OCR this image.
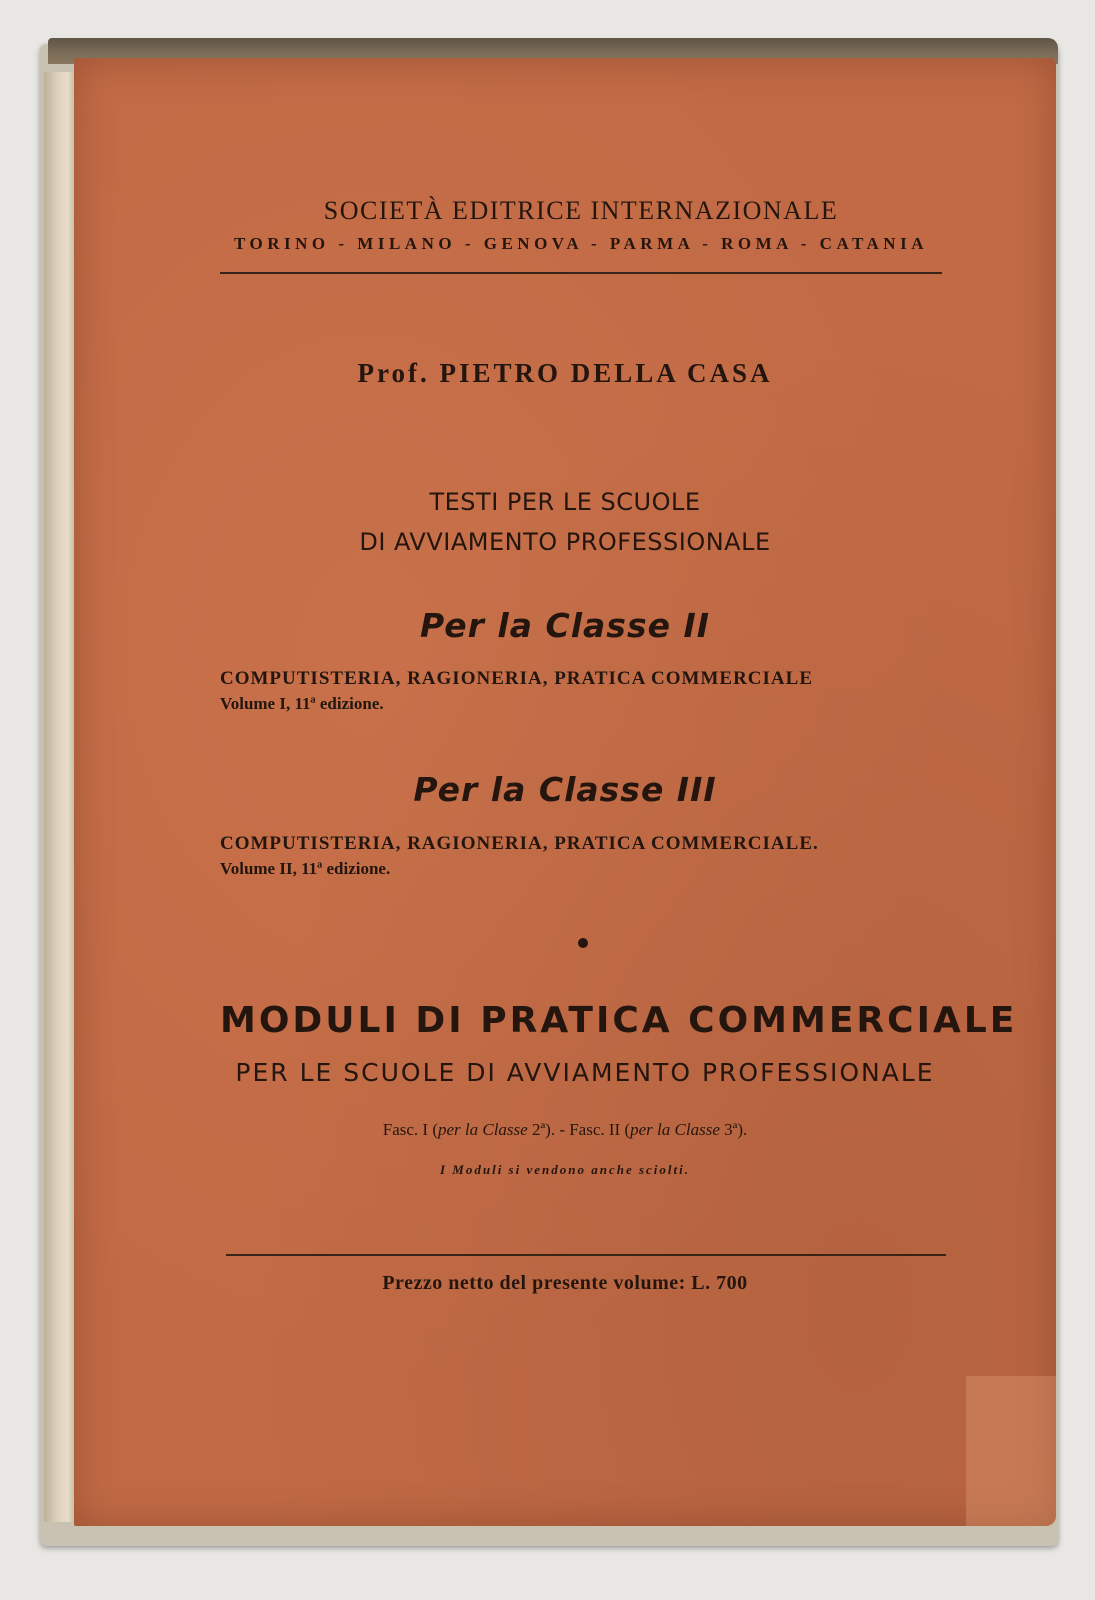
SOCIETÀ EDITRICE INTERNAZIONALE
TORINO - MILANO - GENOVA - PARMA - ROMA - CATANIA
Prof. PIETRO DELLA CASA
TESTI PER LE SCUOLE
DI AVVIAMENTO PROFESSIONALE
Per la Classe II
COMPUTISTERIA, RAGIONERIA, PRATICA COMMERCIALE
Volume I, 11ª edizione.
Per la Classe III
COMPUTISTERIA, RAGIONERIA, PRATICA COMMERCIALE.
Volume II, 11ª edizione.
MODULI DI PRATICA COMMERCIALE
PER LE SCUOLE DI AVVIAMENTO PROFESSIONALE
Fasc. I (per la Classe 2ª). - Fasc. II (per la Classe 3ª).
I Moduli si vendono anche sciolti.
Prezzo netto del presente volume: L. 700
